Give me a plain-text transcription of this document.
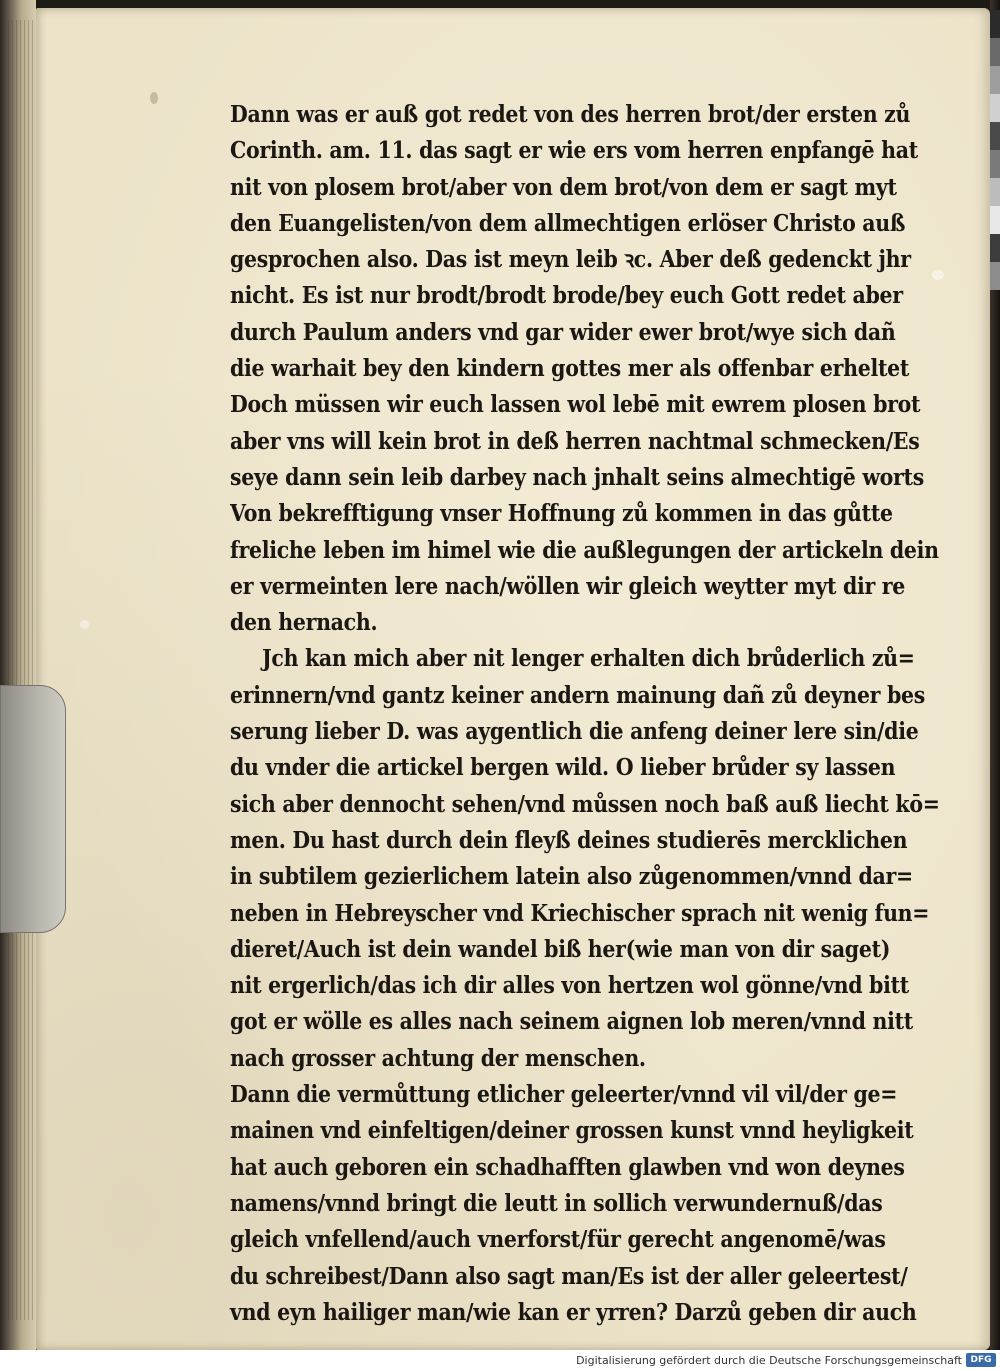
Dann was er auß got redet von des herren brot/der ersten zů
Corinth. am. 11. das sagt er wie ers vom herren enpfangē hat
nit von plosem brot/aber von dem brot/von dem er sagt myt
den Euangelisten/von dem allmechtigen erlöser Christo auß
gesprochen also. Das ist meyn leib ꝛc. Aber deß gedenckt jhr
nicht. Es ist nur brodt/brodt brode/bey euch Gott redet aber
durch Paulum anders vnd gar wider ewer brot/wye sich dañ
die warhait bey den kindern gottes mer als offenbar erheltet
Doch müssen wir euch lassen wol lebē mit ewrem plosen brot
aber vns will kein brot in deß herren nachtmal schmecken/Es
seye dann sein leib darbey nach jnhalt seins almechtigē worts
Von bekrefftigung vnser Hoffnung zů kommen in das gůtte
freliche leben im himel wie die außlegungen der artickeln dein
er vermeinten lere nach/wöllen wir gleich weytter myt dir re
den hernach.
Jch kan mich aber nit lenger erhalten dich brůderlich zů=
erinnern/vnd gantz keiner andern mainung dañ zů deyner bes
serung lieber D. was aygentlich die anfeng deiner lere sin/die
du vnder die artickel bergen wild. O lieber brůder sy lassen
sich aber dennocht sehen/vnd můssen noch baß auß liecht kō=
men. Du hast durch dein fleyß deines studierēs mercklichen
in subtilem gezierlichem latein also zůgenommen/vnnd dar=
neben in Hebreyscher vnd Kriechischer sprach nit wenig fun=
dieret/Auch ist dein wandel biß her(wie man von dir saget)
nit ergerlich/das ich dir alles von hertzen wol gönne/vnd bitt
got er wölle es alles nach seinem aignen lob meren/vnnd nitt
nach grosser achtung der menschen.
Dann die vermůttung etlicher geleerter/vnnd vil vil/der ge=
mainen vnd einfeltigen/deiner grossen kunst vnnd heyligkeit
hat auch geboren ein schadhafften glawben vnd won deynes
namens/vnnd bringt die leutt in sollich verwundernuß/das
gleich vnfellend/auch vnerforst/für gerecht angenomē/was
du schreibest/Dann also sagt man/Es ist der aller geleertest/
vnd eyn hailiger man/wie kan er yrren? Darzů geben dir auch
Digitalisierung gefördert durch die Deutsche Forschungsgemeinschaft DFG
